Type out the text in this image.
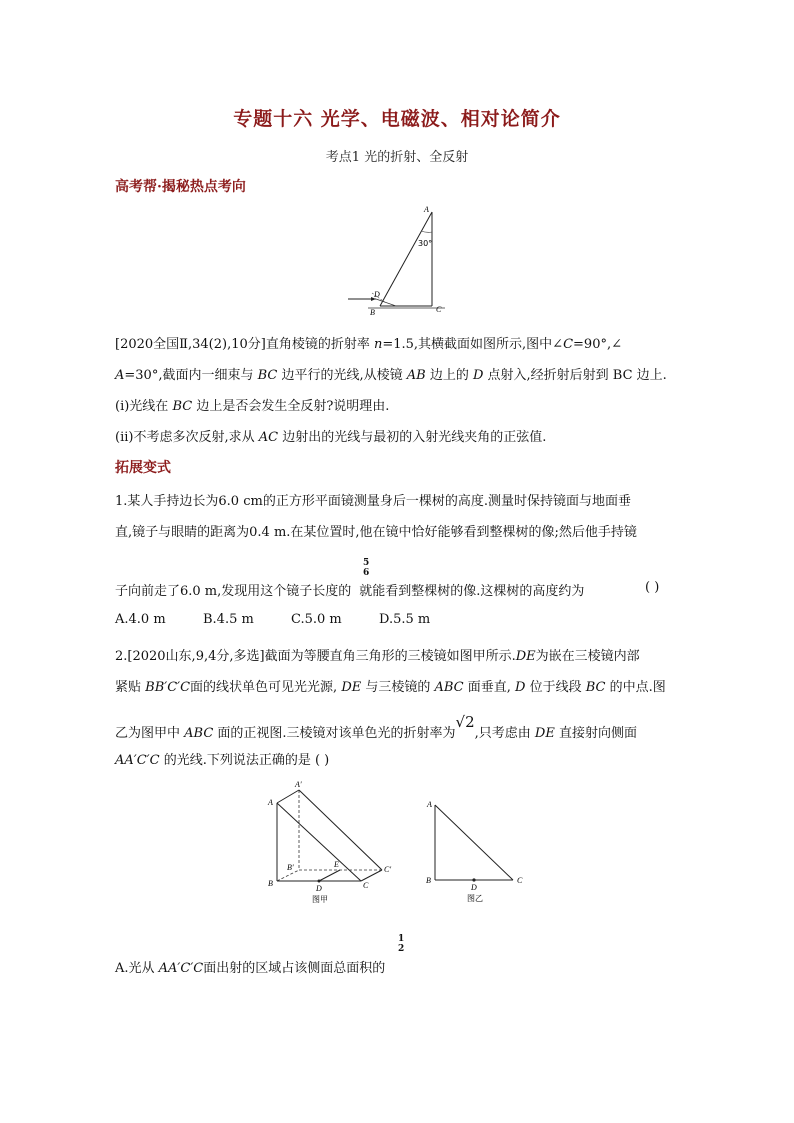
专题十六 光学、电磁波、相对论简介
考点1 光的折射、全反射
高考帮·揭秘热点考向
A
B	C
D
30°
[2020全国Ⅱ,34(2),10分]直角棱镜的折射率 n=1.5,其横截面如图所示,图中∠C=90°,∠
A=30°,截面内一细束与 BC 边平行的光线,从棱镜 AB 边上的 D 点射入,经折射后射到 BC 边上.
(i)光线在 BC 边上是否会发生全反射?说明理由.
(ii)不考虑多次反射,求从 AC 边射出的光线与最初的入射光线夹角的正弦值.
拓展变式
1.某人手持边长为6.0 cm的正方形平面镜测量身后一棵树的高度.测量时保持镜面与地面垂
直,镜子与眼睛的距离为0.4 m.在某位置时,他在镜中恰好能够看到整棵树的像;然后他手持镜
5
6
子向前走了6.0 m,发现用这个镜子长度的 就能看到整棵树的像.这棵树的高度约为	( )
A.4.0 m	B.4.5 m	C.5.0 m	D.5.5 m
2.[2020山东,9,4分,多选]截面为等腰直角三角形的三棱镜如图甲所示.DE为嵌在三棱镜内部
紧贴 BB′C′C面的线状单色可见光光源, DE 与三棱镜的 ABC 面垂直, D 位于线段 BC 的中点.图
乙为图甲中 ABC 面的正视图.三棱镜对该单色光的折射率为√2,只考虑由 DE 直接射向侧面
AA′C′C 的光线.下列说法正确的是 ( )
A
A′
B
B′
C
C′
D
E
图甲
A
B	C
D
图乙
1
2
A.光从 AA′C′C面出射的区域占该侧面总面积的
